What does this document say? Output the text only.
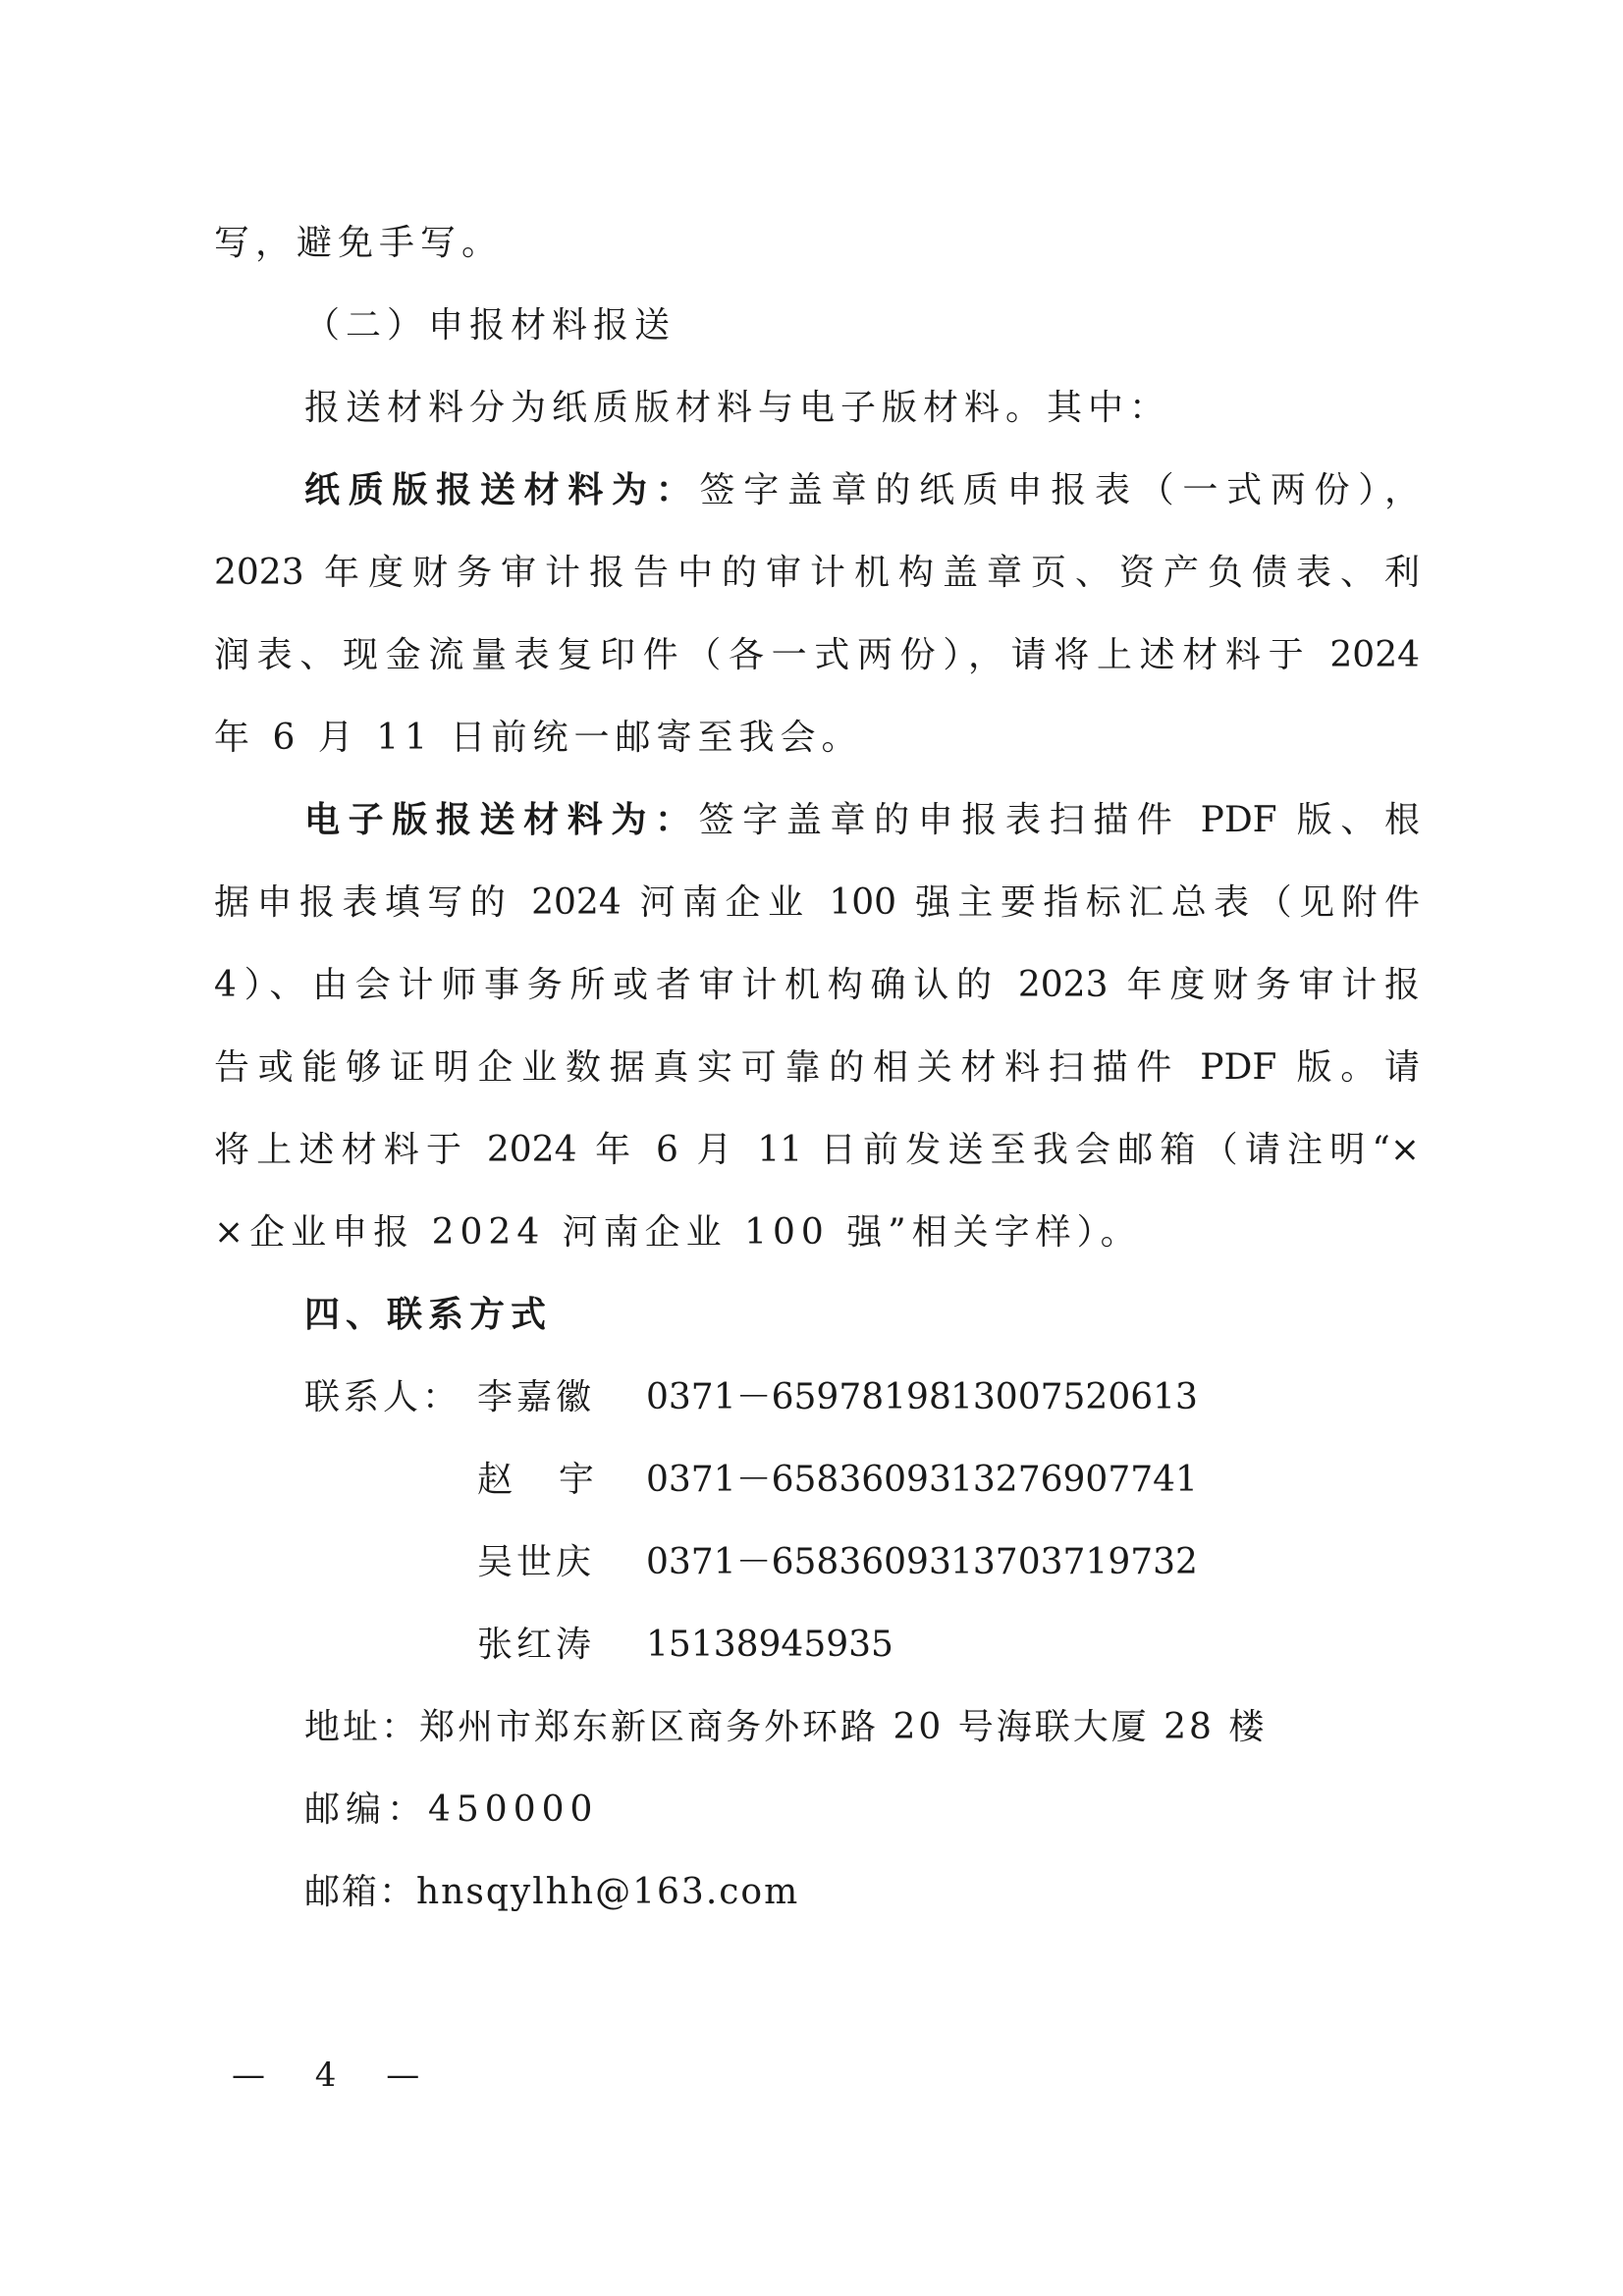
写，避免手写。
（二）申报材料报送
报送材料分为纸质版材料与电子版材料。其中：
纸质版报送材料为：签字盖章的纸质申报表（一式两份），
2023 年度财务审计报告中的审计机构盖章页、资产负债表、利
润表、现金流量表复印件（各一式两份），请将上述材料于 2024
年 6 月 11 日前统一邮寄至我会。
电子版报送材料为：签字盖章的申报表扫描件 PDF 版、根
据申报表填写的 2024 河南企业 100 强主要指标汇总表（见附件
4）、由会计师事务所或者审计机构确认的 2023 年度财务审计报
告或能够证明企业数据真实可靠的相关材料扫描件 PDF 版。请
将上述材料于 2024 年 6 月 11 日前发送至我会邮箱（请注明“×
×企业申报 2024 河南企业 100 强”相关字样）。
四、联系方式
联系人： 李嘉徽 0371－65978198 13007520613
赵  宇 0371－65836093 13276907741
吴世庆 0371－65836093 13703719732
张红涛 15138945935
地址：郑州市郑东新区商务外环路 20 号海联大厦 28 楼
邮编：450000
邮箱：hnsqylhh@163.com
— 4 —
